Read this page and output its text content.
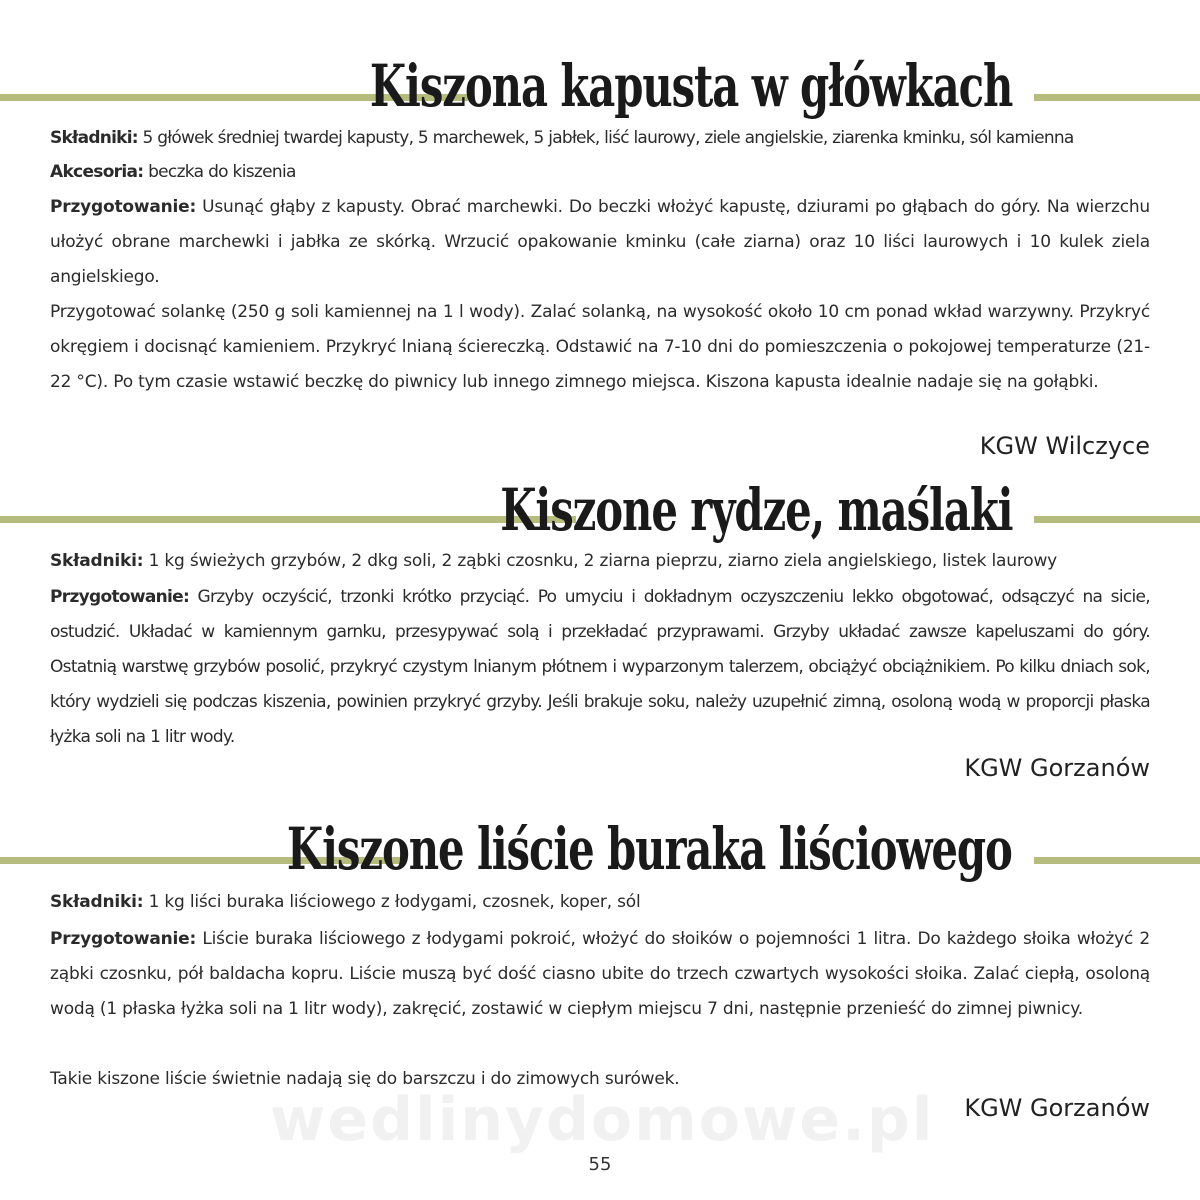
Kiszona kapusta w główkach

Składniki: 5 główek średniej twardej kapusty, 5 marchewek, 5 jabłek, liść laurowy, ziele angielskie, ziarenka kminku, sól kamienna

Akcesoria: beczka do kiszenia

Przygotowanie: Usunąć głąby z kapusty. Obrać marchewki. Do beczki włożyć kapustę, dziurami po głąbach do góry. Na wierzchu ułożyć obrane marchewki i jabłka ze skórką. Wrzucić opakowanie kminku (całe ziarna) oraz 10 liści laurowych i 10 kulek ziela angielskiego.

Przygotować solankę (250 g soli kamiennej na 1 l wody). Zalać solanką, na wysokość około 10 cm ponad wkład warzywny. Przykryć okręgiem i docisnąć kamieniem. Przykryć lnianą ściereczką. Odstawić na 7-10 dni do pomieszczenia o pokojowej temperaturze (21-22 °C). Po tym czasie wstawić beczkę do piwnicy lub innego zimnego miejsca. Kiszona kapusta idealnie nadaje się na gołąbki.

KGW Wilczyce
Kiszone rydze, maślaki

Składniki: 1 kg świeżych grzybów, 2 dkg soli, 2 ząbki czosnku, 2 ziarna pieprzu, ziarno ziela angielskiego, listek laurowy

Przygotowanie: Grzyby oczyścić, trzonki krótko przyciąć. Po umyciu i dokładnym oczyszczeniu lekko obgotować, odsączyć na sicie, ostudzić. Układać w kamiennym garnku, przesypywać solą i przekładać przyprawami. Grzyby układać zawsze kapeluszami do góry. Ostatnią warstwę grzybów posolić, przykryć czystym lnianym płótnem i wyparzonym talerzem, obciążyć obciążnikiem. Po kilku dniach sok, który wydzieli się podczas kiszenia, powinien przykryć grzyby. Jeśli brakuje soku, należy uzupełnić zimną, osoloną wodą w proporcji płaska łyżka soli na 1 litr wody.

KGW Gorzanów
Kiszone liście buraka liściowego

Składniki: 1 kg liści buraka liściowego z łodygami, czosnek, koper, sól

Przygotowanie: Liście buraka liściowego z łodygami pokroić, włożyć do słoików o pojemności 1 litra. Do każdego słoika włożyć 2 ząbki czosnku, pół baldacha kopru. Liście muszą być dość ciasno ubite do trzech czwartych wysokości słoika. Zalać ciepłą, osoloną wodą (1 płaska łyżka soli na 1 litr wody), zakręcić, zostawić w ciepłym miejscu 7 dni, następnie przenieść do zimnej piwnicy.

Takie kiszone liście świetnie nadają się do barszczu i do zimowych surówek.

KGW Gorzanów
wedlinydomowe.pl
55
